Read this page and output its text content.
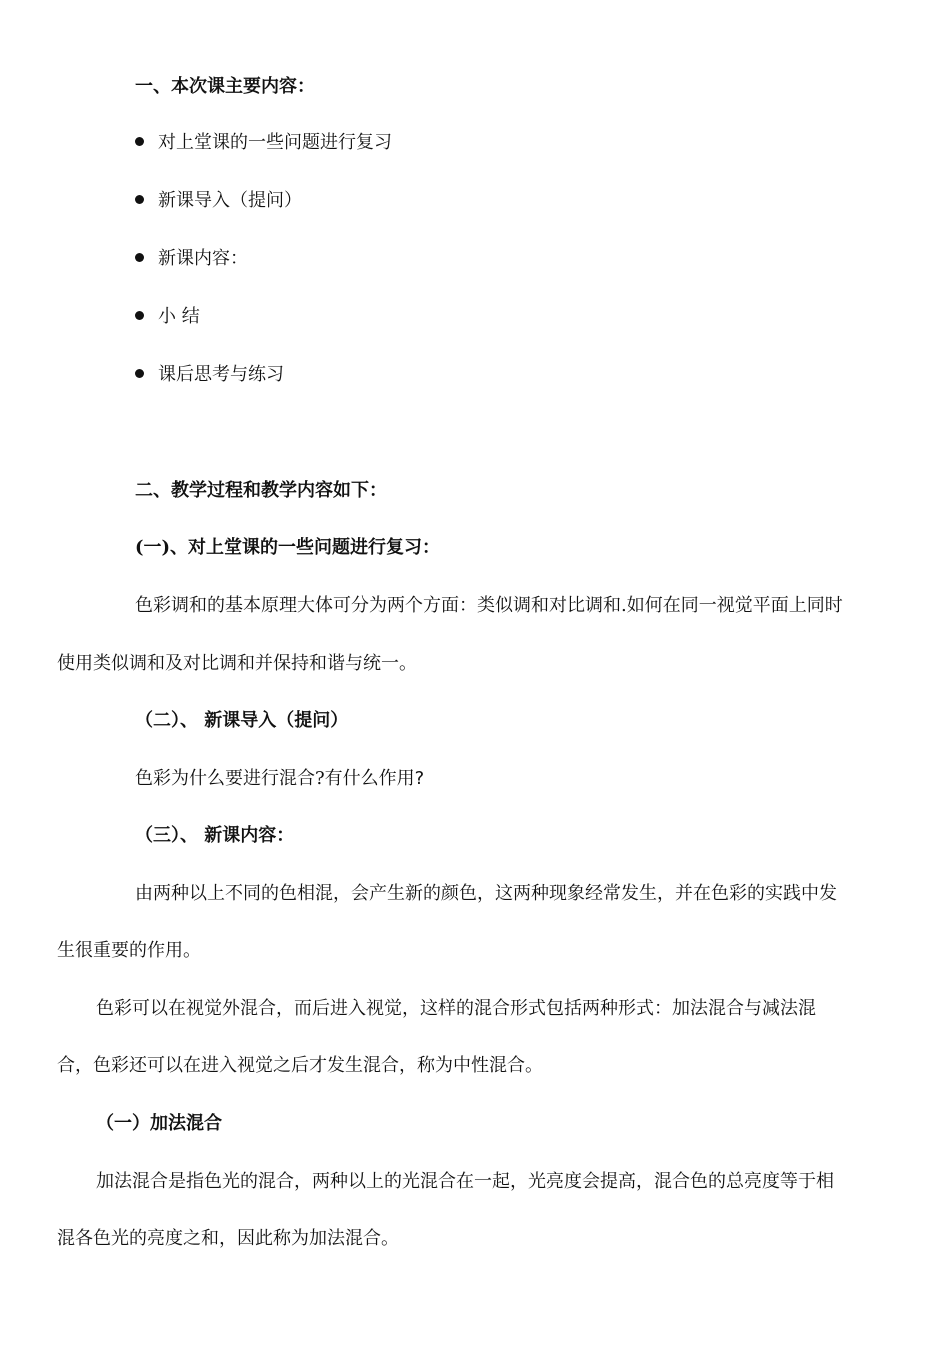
一、本次课主要内容：
对上堂课的一些问题进行复习
新课导入（提问）
新课内容：
小 结
课后思考与练习
二、教学过程和教学内容如下：
(一)、对上堂课的一些问题进行复习：
色彩调和的基本原理大体可分为两个方面：类似调和对比调和.如何在同一视觉平面上同时
使用类似调和及对比调和并保持和谐与统一。
（二）、 新课导入（提问）
色彩为什么要进行混合?有什么作用?
（三）、 新课内容：
由两种以上不同的色相混，会产生新的颜色，这两种现象经常发生，并在色彩的实践中发
生很重要的作用。
色彩可以在视觉外混合，而后进入视觉，这样的混合形式包括两种形式：加法混合与减法混
合，色彩还可以在进入视觉之后才发生混合，称为中性混合。
（一）加法混合
加法混合是指色光的混合，两种以上的光混合在一起，光亮度会提高，混合色的总亮度等于相
混各色光的亮度之和，因此称为加法混合。
